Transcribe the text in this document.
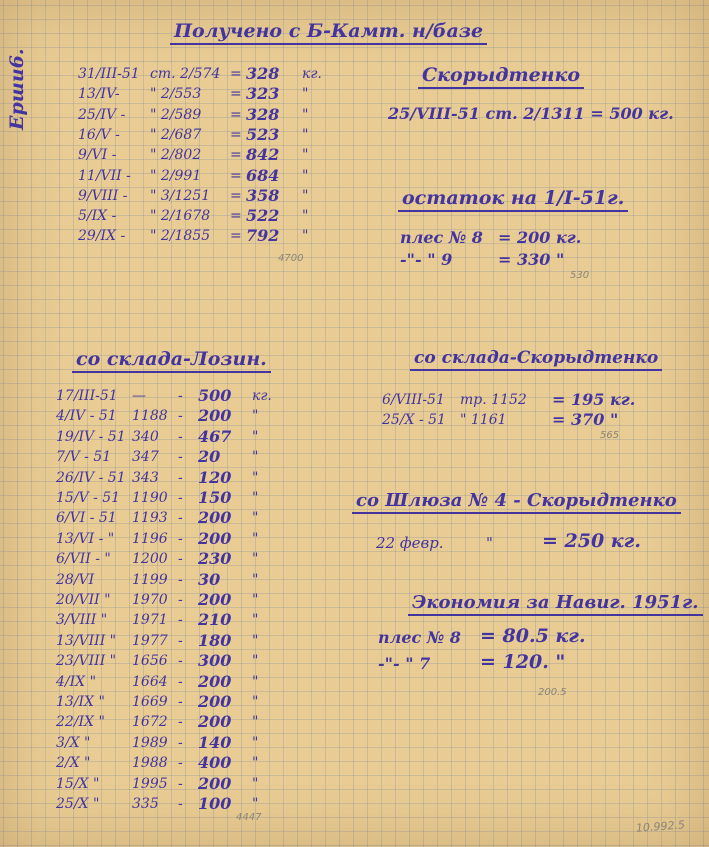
Ерши6.
Получено с Б-Камт. н/базе
31/III-51 ст. 2/574 = 328 кг.
13/IV- " 2/553 = 323 "
25/IV - " 2/589 = 328 "
16/V - " 2/687 = 523 "
9/VI - " 2/802 = 842 "
11/VII - " 2/991 = 684 "
9/VIII - " 3/1251 = 358 "
5/IX - " 2/1678 = 522 "
29/IX - " 2/1855 = 792 "
4700
Скорыдтенко
25/VIII-51 ст. 2/1311 = 500 кг.
остаток на 1/I-51г.
плес № 8 = 200 кг.
-"- " 9	= 330 "
530
со склада-Лозин.
17/III-51 — - 500 кг.
4/IV - 51 1188 - 200 "
19/IV - 51 340 - 467 "
7/V - 51 347 - 20 "
26/IV - 51 343 - 120 "
15/V - 51 1190 - 150 "
6/VI - 51 1193 - 200 "
13/VI - " 1196 - 200 "
6/VII - " 1200 - 230 "
28/VI	1199 - 30 "
20/VII " 1970 - 200 "
3/VIII " 1971 - 210 "
13/VIII " 1977 - 180 "
23/VIII " 1656 - 300 "
4/IX "	1664 - 200 "
13/IX " 1669 - 200 "
22/IX " 1672 - 200 "
3/X "	1989 - 140 "
2/X "	1988 - 400 "
15/X " 1995 - 200 "
25/X " 335 - 100 "
4447
со склада-Скорыдтенко
6/VIII-51 тр. 1152 = 195 кг.
25/X - 51 " 1161	= 370 "
565
со Шлюза № 4 - Скорыдтенко
22 февр.	"	= 250 кг.
Экономия за Навиг. 1951г.
плес № 8 = 80.5 кг.
-"- " 7	= 120. "
200.5
10.992.5
